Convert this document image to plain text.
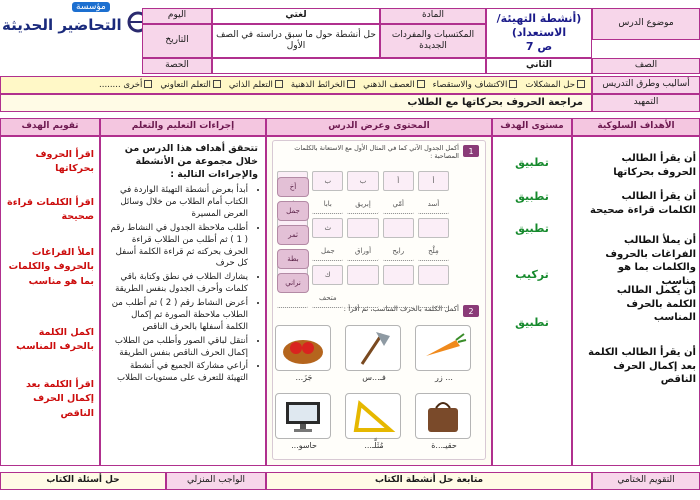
مؤسسة
التحاضير الحديثة	موضوع الدرس
(أنشطة التهيئة/الاستعداد)
ص 7
المادة
المكتسبات والمفردات الجديدة
لغتي
حل أنشطة حول ما سبق دراسته في الصف الأول
اليوم
التاريخ
الصف
الثاني
الحصة
أساليب وطرق التدريس
حل المشكلات
الاكتشاف والاستقصاء
العصف الذهني
الخرائط الذهنية
التعلم الذاتي
التعلم التعاوني
أخرى ........
التمهيد
مراجعة الحروف بحركاتها مع الطلاب
الأهداف السلوكية
مستوى الهدف
المحتوى وعرض الدرس
إجراءات التعليم والتعلم
تقويم الهدف
أن يقرأ الطالب الحروف بحركاتها
أن يقرأ الطالب الكلمات قراءة صحيحة
أن يملأ الطالب الفراغات بالحروف والكلمات بما هو مناسب
أن يكمل الطالب الكلمة بالحرف المناسب
أن يقرأ الطالب الكلمة بعد إكمال الحرف الناقص
تطبيق
تطبيق
تطبيق
تركيب
تطبيق
1
أكمل الجدول الآتي كما في المثال الأول مع الاستعانة بالكلمات المصاحبة :
أ
أ
ب
ب
أسد
أمّي
إبريق
بابا
ث
مِلْح
رايح
أوراق
جمل
ك
متحف
أخ
جمل
ثمر
بطة
نراني
2
أكمل الكلمة بالحرف المناسب، ثم أقرأ :
... زر
فـ...س
جَزَ...
حقيـ...ة
مُثَلَّـ...
حاسو...
تتحقق أهداف هذا الدرس من خلال مجموعة من الأنشطة والإجراءات التالية :
• أبدأ بعرض أنشطة التهيئة الواردة في الكتاب أمام الطلاب من خلال وسائل العرض المسيرة
• أطلب ملاحظة الجدول في النشاط رقم ( 1 ) ثم أطلب من الطلاب قراءة الحرف بحركته ثم قراءة الكلمة أسفل كل حرف
• يشارك الطلاب في نطق وكتابة باقي كلمات وأحرف الجدول بنفس الطريقة
• أعرض النشاط رقم ( 2 ) ثم أطلب من الطلاب ملاحظة الصورة ثم إكمال الكلمة أسفلها بالحرف الناقص
• أنتقل لباقي الصور وأطلب من الطلاب إكمال الحرف الناقص بنفس الطريقة
• أراعي مشاركة الجميع في أنشطة التهيئة للتعرف على مستويات الطلاب
اقرأ الحروف بحركاتها
اقرأ الكلمات قراءة صحيحة
املأ الفراغات بالحروف والكلمات بما هو مناسب
اكمل الكلمة بالحرف المناسب
اقرأ الكلمة بعد إكمال الحرف الناقص
التقويم الختامي
متابعة حل أنشطة الكتاب
الواجب المنزلي
حل أسئلة الكتاب
